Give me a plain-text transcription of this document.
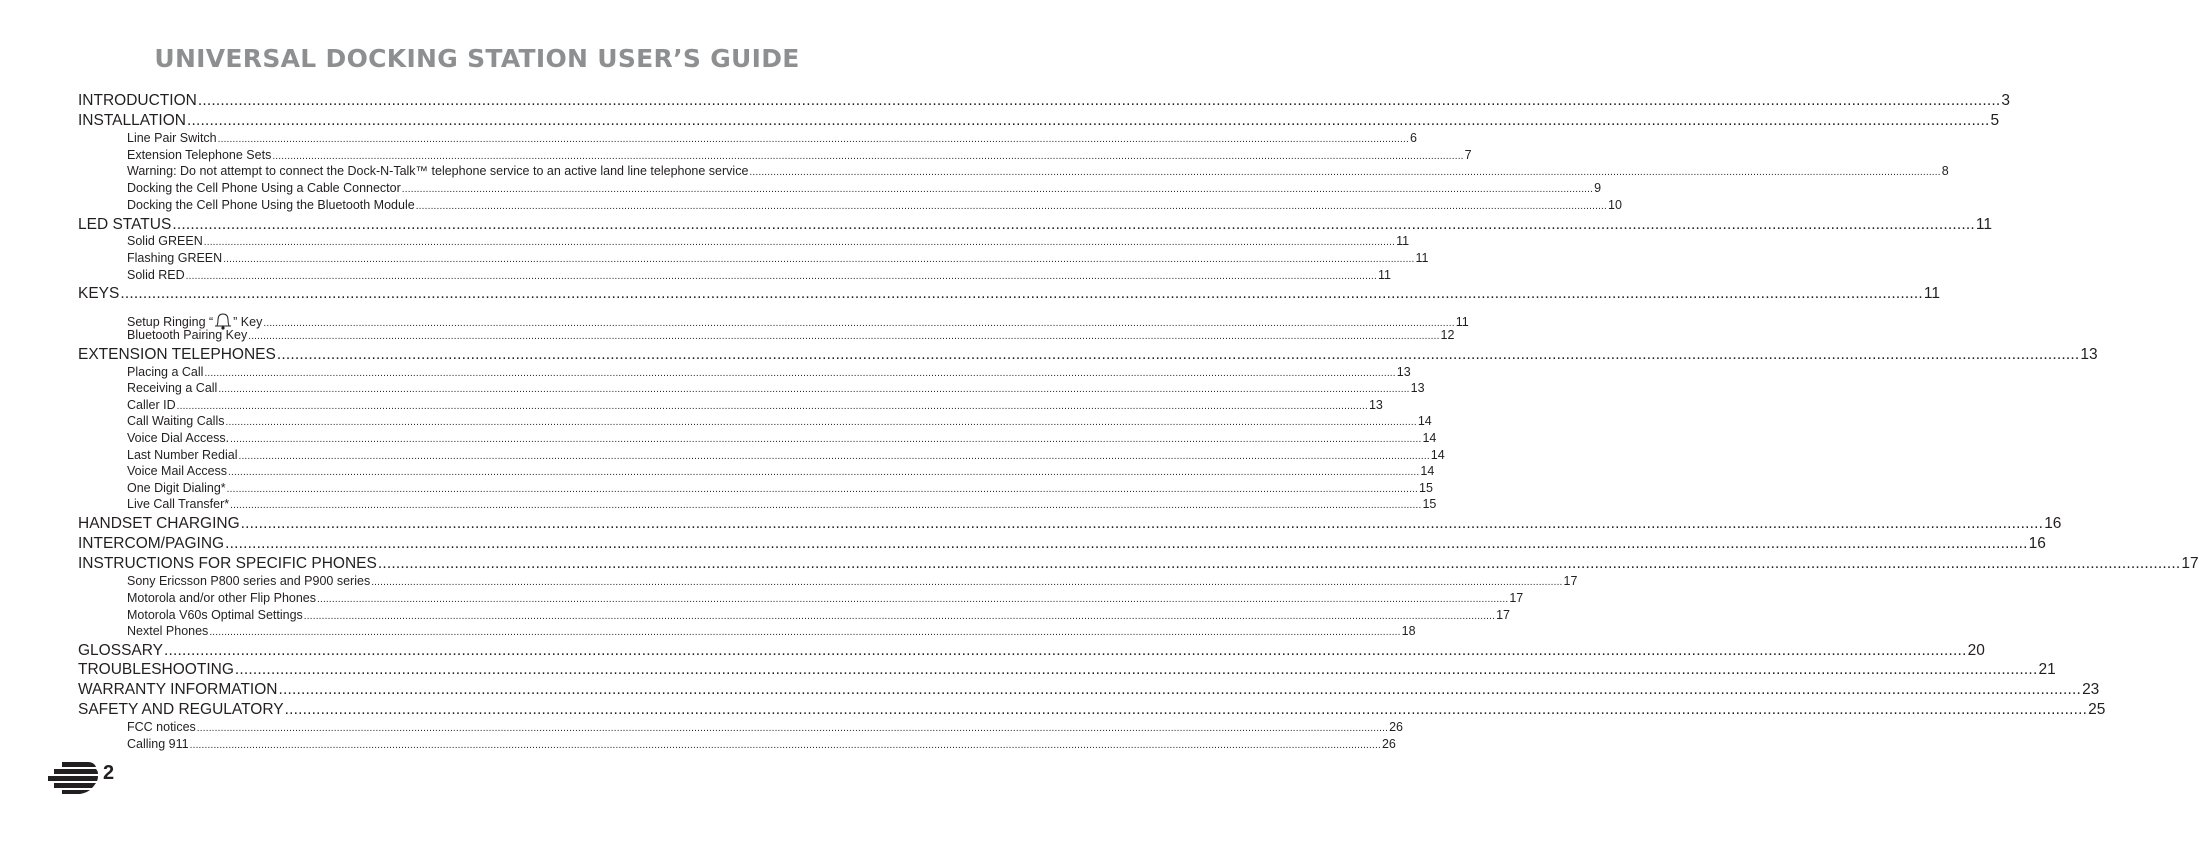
UNIVERSAL DOCKING STATION USER’S GUIDE
INTRODUCTION ................................................................................................................................................................................................................................................................................................................................................................................................................ 3
INSTALLATION ................................................................................................................................................................................................................................................................................................................................................................................................................ 5
Line Pair Switch ................................................................................................................................................................................................................................................................................................................................................................................................................ 6
Extension Telephone Sets ................................................................................................................................................................................................................................................................................................................................................................................................................ 7
Warning: Do not attempt to connect the Dock-N-Talk™ telephone service to an active land line telephone service ................................................................................................................................................................................................................................................................................................................................................................................................................ 8
Docking the Cell Phone Using a Cable Connector ................................................................................................................................................................................................................................................................................................................................................................................................................ 9
Docking the Cell Phone Using the Bluetooth Module ................................................................................................................................................................................................................................................................................................................................................................................................................ 10
LED STATUS ................................................................................................................................................................................................................................................................................................................................................................................................................ 11
Solid GREEN ................................................................................................................................................................................................................................................................................................................................................................................................................ 11
Flashing GREEN ................................................................................................................................................................................................................................................................................................................................................................................................................ 11
Solid RED ................................................................................................................................................................................................................................................................................................................................................................................................................ 11
KEYS ................................................................................................................................................................................................................................................................................................................................................................................................................ 11
Setup Ringing “ ” Key ................................................................................................................................................................................................................................................................................................................................................................................................................ 11
Bluetooth Pairing Key ................................................................................................................................................................................................................................................................................................................................................................................................................ 12
EXTENSION TELEPHONES ................................................................................................................................................................................................................................................................................................................................................................................................................ 13
Placing a Call ................................................................................................................................................................................................................................................................................................................................................................................................................ 13
Receiving a Call ................................................................................................................................................................................................................................................................................................................................................................................................................ 13
Caller ID ................................................................................................................................................................................................................................................................................................................................................................................................................ 13
Call Waiting Calls ................................................................................................................................................................................................................................................................................................................................................................................................................ 14
Voice Dial Access. ................................................................................................................................................................................................................................................................................................................................................................................................................ 14
Last Number Redial ................................................................................................................................................................................................................................................................................................................................................................................................................ 14
Voice Mail Access ................................................................................................................................................................................................................................................................................................................................................................................................................ 14
One Digit Dialing* ................................................................................................................................................................................................................................................................................................................................................................................................................ 15
Live Call Transfer* ................................................................................................................................................................................................................................................................................................................................................................................................................ 15
HANDSET CHARGING ................................................................................................................................................................................................................................................................................................................................................................................................................ 16
INTERCOM/PAGING ................................................................................................................................................................................................................................................................................................................................................................................................................ 16
INSTRUCTIONS FOR SPECIFIC PHONES ................................................................................................................................................................................................................................................................................................................................................................................................................ 17
Sony Ericsson P800 series and P900 series ................................................................................................................................................................................................................................................................................................................................................................................................................ 17
Motorola and/or other Flip Phones ................................................................................................................................................................................................................................................................................................................................................................................................................ 17
Motorola V60s Optimal Settings ................................................................................................................................................................................................................................................................................................................................................................................................................ 17
Nextel Phones ................................................................................................................................................................................................................................................................................................................................................................................................................ 18
GLOSSARY ................................................................................................................................................................................................................................................................................................................................................................................................................ 20
TROUBLESHOOTING ................................................................................................................................................................................................................................................................................................................................................................................................................ 21
WARRANTY INFORMATION ................................................................................................................................................................................................................................................................................................................................................................................................................ 23
SAFETY AND REGULATORY ................................................................................................................................................................................................................................................................................................................................................................................................................ 25
FCC notices ................................................................................................................................................................................................................................................................................................................................................................................................................ 26
Calling 911 ................................................................................................................................................................................................................................................................................................................................................................................................................ 26
2
